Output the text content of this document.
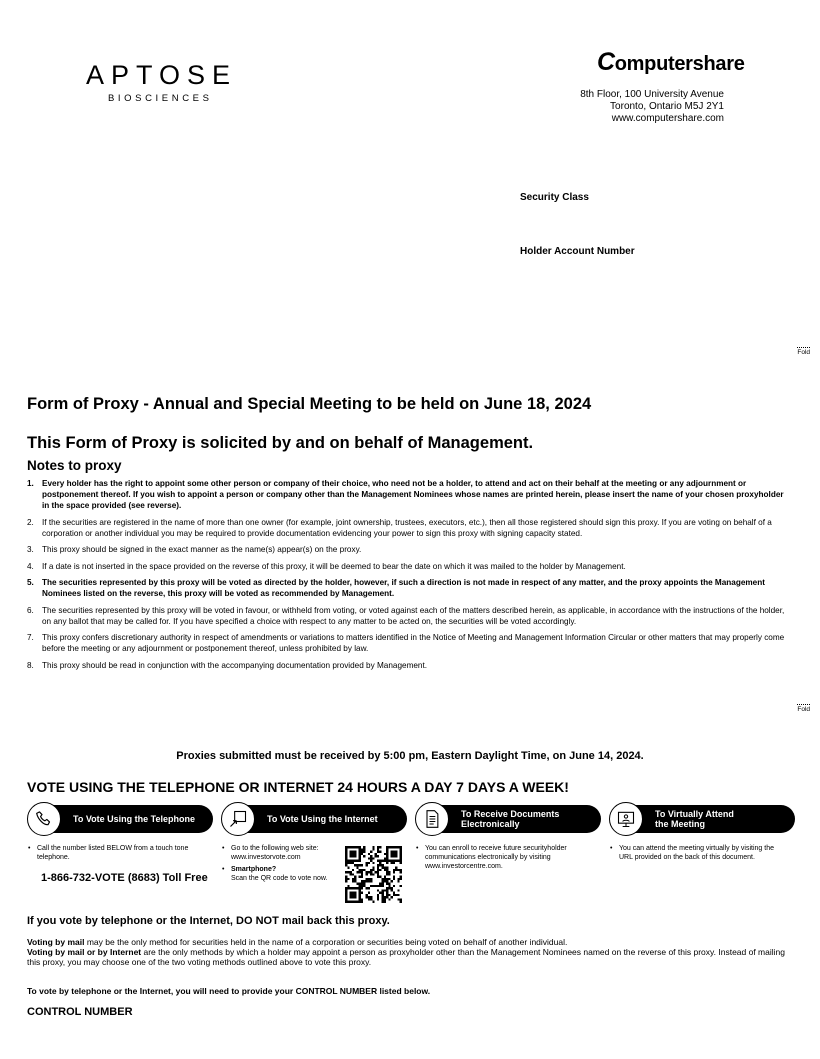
APTOSE
BIOSCIENCES
Computershare
8th Floor, 100 University Avenue
Toronto, Ontario M5J 2Y1
www.computershare.com
Security Class
Holder Account Number
Fold
Fold
Form of Proxy - Annual and Special Meeting to be held on June 18, 2024
This Form of Proxy is solicited by and on behalf of Management.
Notes to proxy
1. Every holder has the right to appoint some other person or company of their choice, who need not be a holder, to attend and act on their behalf at the meeting or any adjournment or postponement thereof. If you wish to appoint a person or company other than the Management Nominees whose names are printed herein, please insert the name of your chosen proxyholder in the space provided (see reverse).
2. If the securities are registered in the name of more than one owner (for example, joint ownership, trustees, executors, etc.), then all those registered should sign this proxy. If you are voting on behalf of a corporation or another individual you may be required to provide documentation evidencing your power to sign this proxy with signing capacity stated.
3. This proxy should be signed in the exact manner as the name(s) appear(s) on the proxy.
4. If a date is not inserted in the space provided on the reverse of this proxy, it will be deemed to bear the date on which it was mailed to the holder by Management.
5. The securities represented by this proxy will be voted as directed by the holder, however, if such a direction is not made in respect of any matter, and the proxy appoints the Management Nominees listed on the reverse, this proxy will be voted as recommended by Management.
6. The securities represented by this proxy will be voted in favour, or withheld from voting, or voted against each of the matters described herein, as applicable, in accordance with the instructions of the holder, on any ballot that may be called for. If you have specified a choice with respect to any matter to be acted on, the securities will be voted accordingly.
7. This proxy confers discretionary authority in respect of amendments or variations to matters identified in the Notice of Meeting and Management Information Circular or other matters that may properly come before the meeting or any adjournment or postponement thereof, unless prohibited by law.
8. This proxy should be read in conjunction with the accompanying documentation provided by Management.
Proxies submitted must be received by 5:00 pm, Eastern Daylight Time, on June 14, 2024.
VOTE USING THE TELEPHONE OR INTERNET 24 HOURS A DAY 7 DAYS A WEEK!
To Vote Using the Telephone
• Call the number listed BELOW from a touch tone telephone.
1-866-732-VOTE (8683) Toll Free
To Vote Using the Internet
• Go to the following web site: www.investorvote.com
• Smartphone?
Scan the QR code to vote now.
To Receive Documents
Electronically
• You can enroll to receive future securityholder communications electronically by visiting www.investorcentre.com.
To Virtually Attend
the Meeting
• You can attend the meeting virtually by visiting the URL provided on the back of this document.
If you vote by telephone or the Internet, DO NOT mail back this proxy.
Voting by mail may be the only method for securities held in the name of a corporation or securities being voted on behalf of another individual.
Voting by mail or by Internet are the only methods by which a holder may appoint a person as proxyholder other than the Management Nominees named on the reverse of this proxy. Instead of mailing this proxy, you may choose one of the two voting methods outlined above to vote this proxy.
To vote by telephone or the Internet, you will need to provide your CONTROL NUMBER listed below.
CONTROL NUMBER
